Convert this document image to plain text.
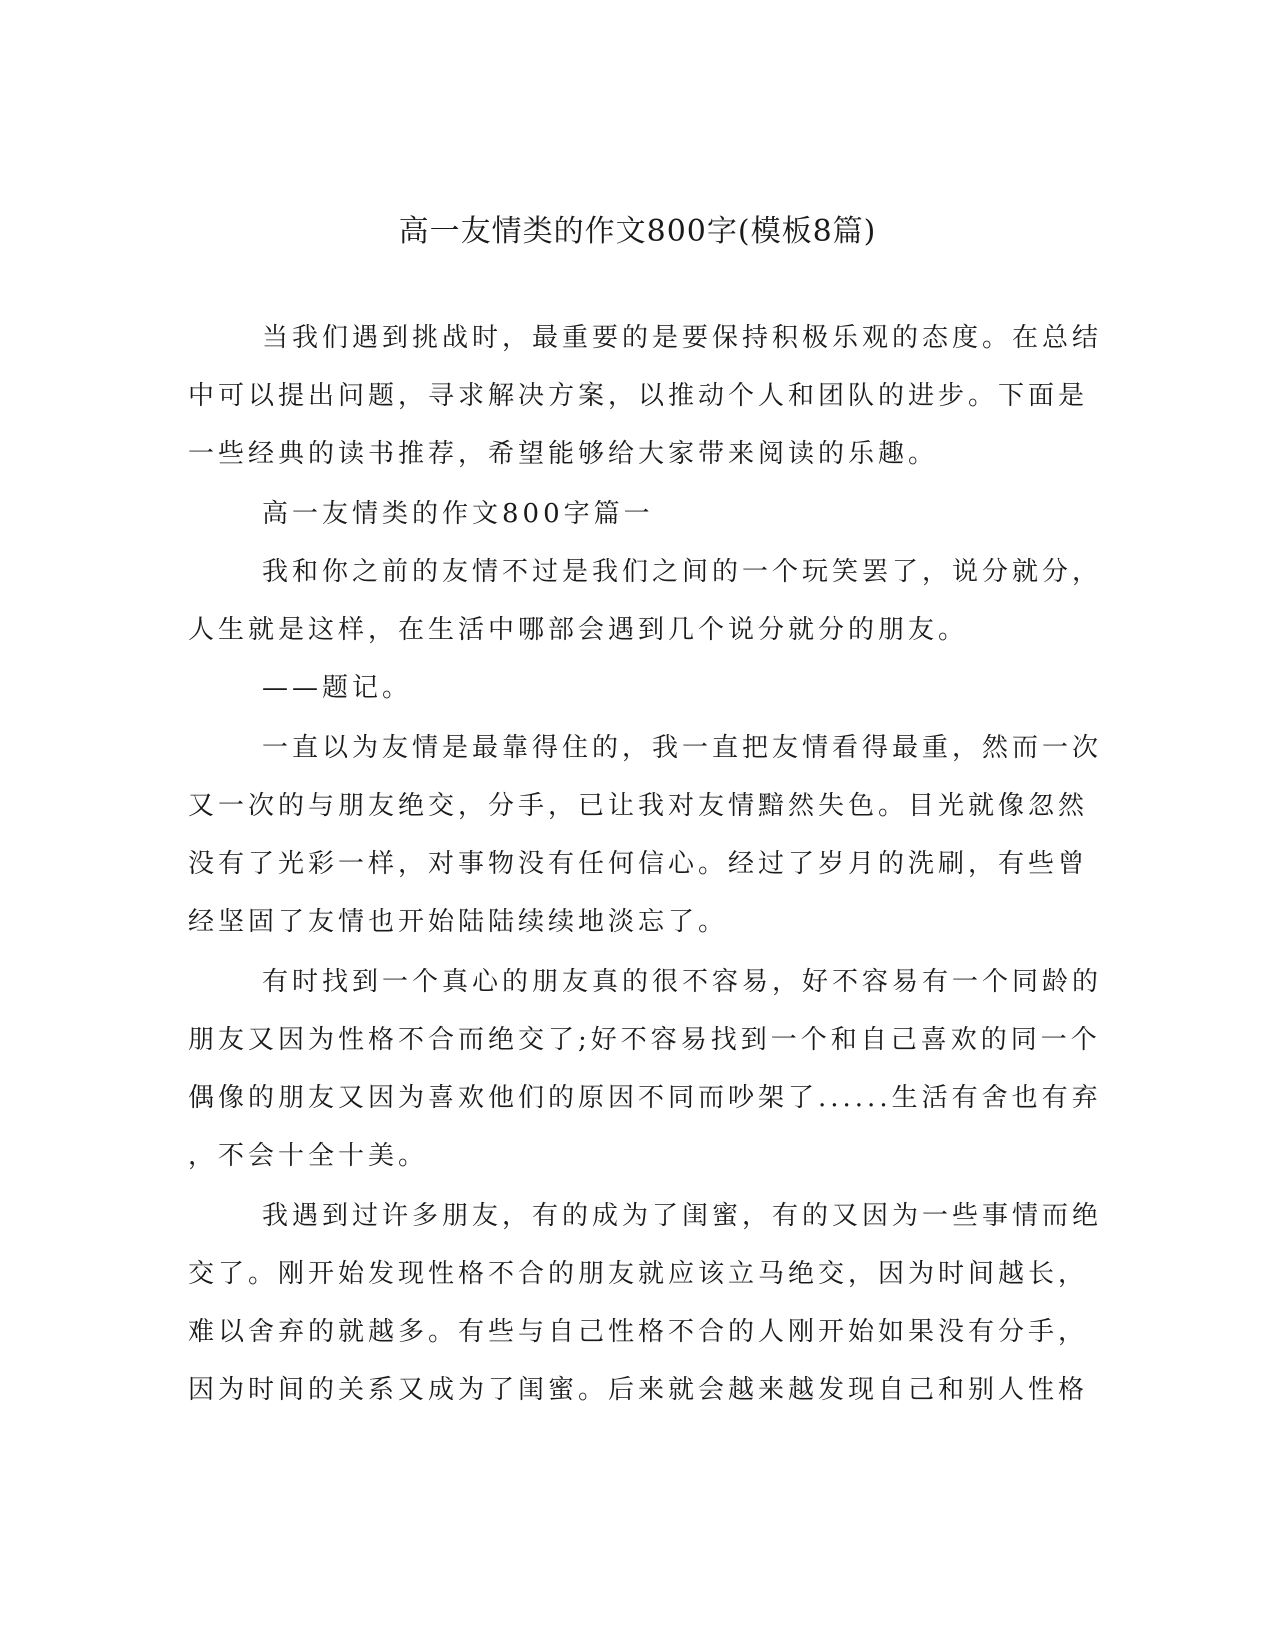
高一友情类的作文800字(模板8篇)
当我们遇到挑战时，最重要的是要保持积极乐观的态度。在总结
中可以提出问题，寻求解决方案，以推动个人和团队的进步。下面是
一些经典的读书推荐，希望能够给大家带来阅读的乐趣。
高一友情类的作文800字篇一
我和你之前的友情不过是我们之间的一个玩笑罢了，说分就分，
人生就是这样，在生活中哪部会遇到几个说分就分的朋友。
——题记。
一直以为友情是最靠得住的，我一直把友情看得最重，然而一次
又一次的与朋友绝交，分手，已让我对友情黯然失色。目光就像忽然
没有了光彩一样，对事物没有任何信心。经过了岁月的洗刷，有些曾
经坚固了友情也开始陆陆续续地淡忘了。
有时找到一个真心的朋友真的很不容易，好不容易有一个同龄的
朋友又因为性格不合而绝交了;好不容易找到一个和自己喜欢的同一个
偶像的朋友又因为喜欢他们的原因不同而吵架了......生活有舍也有弃
，不会十全十美。
我遇到过许多朋友，有的成为了闺蜜，有的又因为一些事情而绝
交了。刚开始发现性格不合的朋友就应该立马绝交，因为时间越长，
难以舍弃的就越多。有些与自己性格不合的人刚开始如果没有分手，
因为时间的关系又成为了闺蜜。后来就会越来越发现自己和别人性格
